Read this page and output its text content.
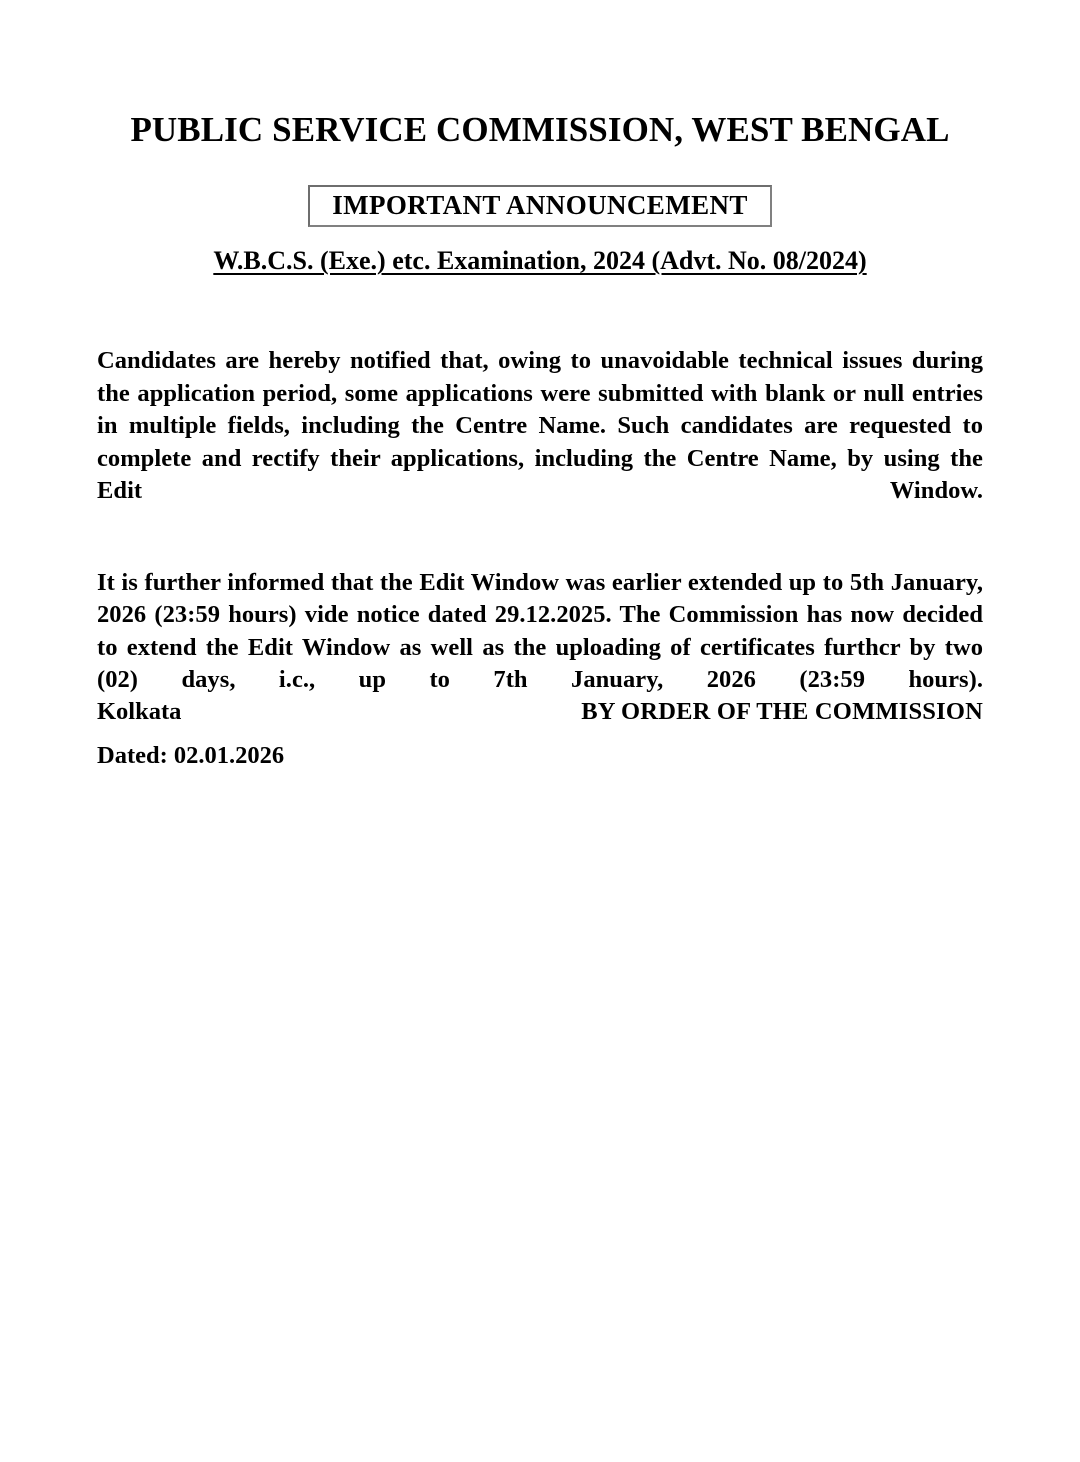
PUBLIC SERVICE COMMISSION, WEST BENGAL
IMPORTANT ANNOUNCEMENT
W.B.C.S. (Exe.) etc. Examination, 2024 (Advt. No. 08/2024)

Candidates are hereby notified that, owing to unavoidable technical issues during the application period, some applications were submitted with blank or null entries in multiple fields, including the Centre Name. Such candidates are requested to complete and rectify their applications, including the Centre Name, by using the Edit Window.

It is further informed that the Edit Window was earlier extended up to 5th January, 2026 (23:59 hours) vide notice dated 29.12.2025. The Commission has now decided to extend the Edit Window as well as the uploading of certificates furthcr by two (02) days, i.c., up to 7th January, 2026 (23:59 hours).

Kolkata	BY ORDER OF THE COMMISSION
Dated: 02.01.2026
